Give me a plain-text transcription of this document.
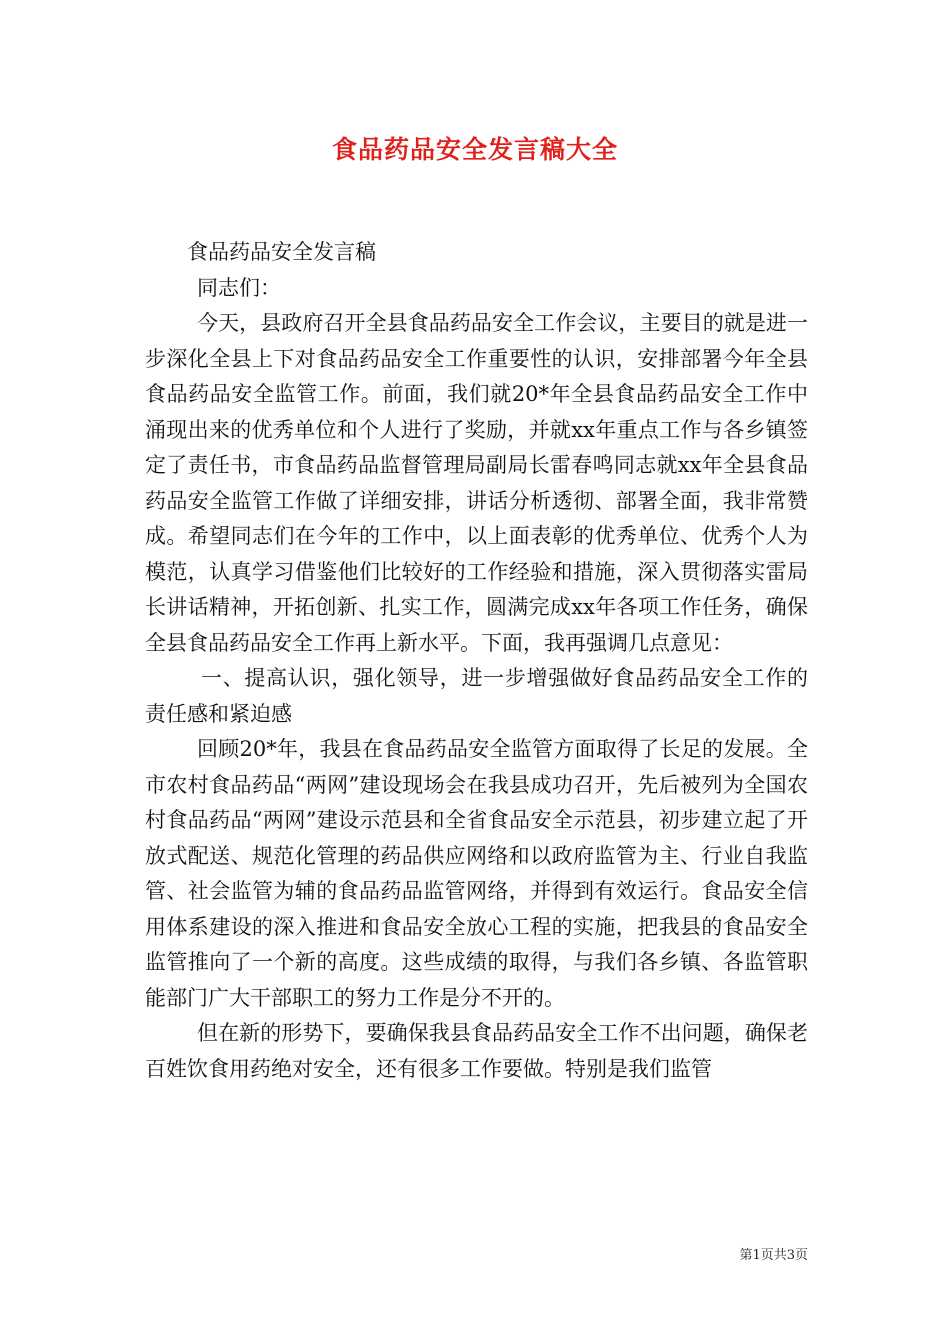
食品药品安全发言稿大全

食品药品安全发言稿

同志们：

今天，县政府召开全县食品药品安全工作会议，主要目的就是进一步深化全县上下对食品药品安全工作重要性的认识，安排部署今年全县食品药品安全监管工作。前面，我们就20*年全县食品药品安全工作中涌现出来的优秀单位和个人进行了奖励，并就xx年重点工作与各乡镇签定了责任书，市食品药品监督管理局副局长雷春鸣同志就xx年全县食品药品安全监管工作做了详细安排，讲话分析透彻、部署全面，我非常赞成。希望同志们在今年的工作中，以上面表彰的优秀单位、优秀个人为模范，认真学习借鉴他们比较好的工作经验和措施，深入贯彻落实雷局长讲话精神，开拓创新、扎实工作，圆满完成xx年各项工作任务，确保全县食品药品安全工作再上新水平。下面，我再强调几点意见：

一、提高认识，强化领导，进一步增强做好食品药品安全工作的责任感和紧迫感

回顾20*年，我县在食品药品安全监管方面取得了长足的发展。全市农村食品药品“两网”建设现场会在我县成功召开，先后被列为全国农村食品药品“两网”建设示范县和全省食品安全示范县，初步建立起了开放式配送、规范化管理的药品供应网络和以政府监管为主、行业自我监管、社会监管为辅的食品药品监管网络，并得到有效运行。食品安全信用体系建设的深入推进和食品安全放心工程的实施，把我县的食品安全监管推向了一个新的高度。这些成绩的取得，与我们各乡镇、各监管职能部门广大干部职工的努力工作是分不开的。

但在新的形势下，要确保我县食品药品安全工作不出问题，确保老百姓饮食用药绝对安全，还有很多工作要做。特别是我们监管

第1页共3页
